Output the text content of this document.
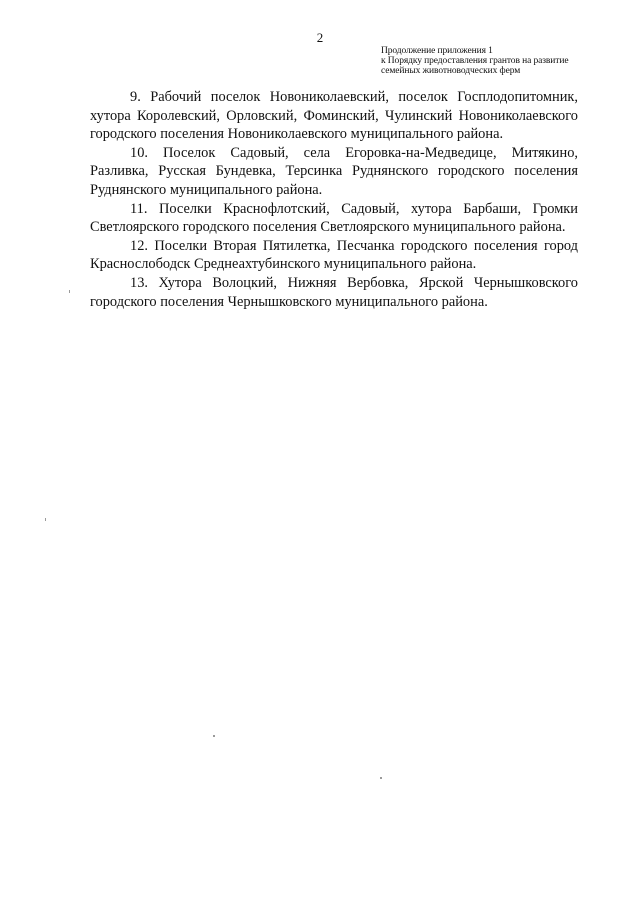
2
Продолжение приложения 1
к Порядку предоставления грантов на развитие
семейных животноводческих ферм

9. Рабочий поселок Новониколаевский, поселок Госплодопитомник, хутора Королевский, Орловский, Фоминский, Чулинский Новониколаевского городского поселения Новониколаевского муниципального района.

10. Поселок Садовый, села Егоровка-на-Медведице, Митякино, Разливка, Русская Бундевка, Терсинка Руднянского городского поселения Руднянского муниципального района.

11. Поселки Краснофлотский, Садовый, хутора Барбаши, Громки Светлоярского городского поселения Светлоярского муниципального района.

12. Поселки Вторая Пятилетка, Песчанка городского поселения город Краснослободск Среднеахтубинского муниципального района.

13. Хутора Волоцкий, Нижняя Вербовка, Ярской Чернышковского городского поселения Чернышковского муниципального района.
